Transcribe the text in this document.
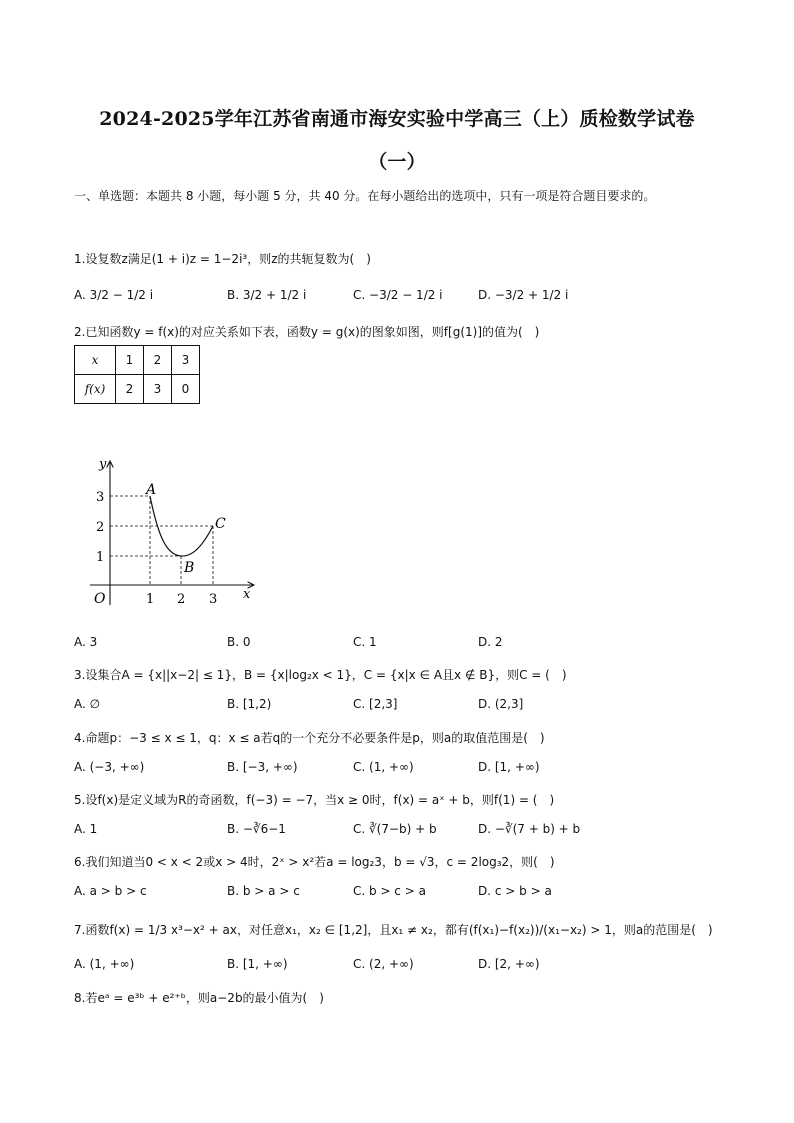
2024-2025学年江苏省南通市海安实验中学高三（上）质检数学试卷
（一）
一、单选题：本题共 8 小题，每小题 5 分，共 40 分。在每小题给出的选项中，只有一项是符合题目要求的。
1.设复数z满足(1 + i)z = 1−2i³，则z的共轭复数为(　)
A. 3/2 − 1/2 i	B. 3/2 + 1/2 i	C. −3/2 − 1/2 i	D. −3/2 + 1/2 i
2.已知函数y = f(x)的对应关系如下表，函数y = g(x)的图象如图，则f[g(1)]的值为(　)
x	1	2	3
f(x)	2	3	0
y
x
O	1 2 3
1
2
3	A
B
C
A. 3	B. 0	C. 1	D. 2
3.设集合A = {x||x−2| ≤ 1}，B = {x|log₂x < 1}，C = {x|x ∈ A且x ∉ B}，则C = (　)
A. ∅	B. [1,2)	C. [2,3]	D. (2,3]
4.命题p：−3 ≤ x ≤ 1，q：x ≤ a若q的一个充分不必要条件是p，则a的取值范围是(　)
A. (−3, +∞)	B. [−3, +∞)	C. (1, +∞)	D. [1, +∞)
5.设f(x)是定义域为R的奇函数，f(−3) = −7，当x ≥ 0时，f(x) = aˣ + b，则f(1) = (　)
A. 1	B. −∛6−1	C. ∛(7−b) + b	D. −∛(7 + b) + b
6.我们知道当0 < x < 2或x > 4时，2ˣ > x²若a = log₂3，b = √3，c = 2log₃2，则(　)
A. a > b > c	B. b > a > c	C. b > c > a	D. c > b > a
7.函数f(x) = 1/3 x³−x² + ax，对任意x₁，x₂ ∈ [1,2]，且x₁ ≠ x₂，都有(f(x₁)−f(x₂))/(x₁−x₂) > 1，则a的范围是(　)
A. (1, +∞)	B. [1, +∞)	C. (2, +∞)	D. [2, +∞)
8.若eᵃ = e³ᵇ + e²⁺ᵇ，则a−2b的最小值为(　)
